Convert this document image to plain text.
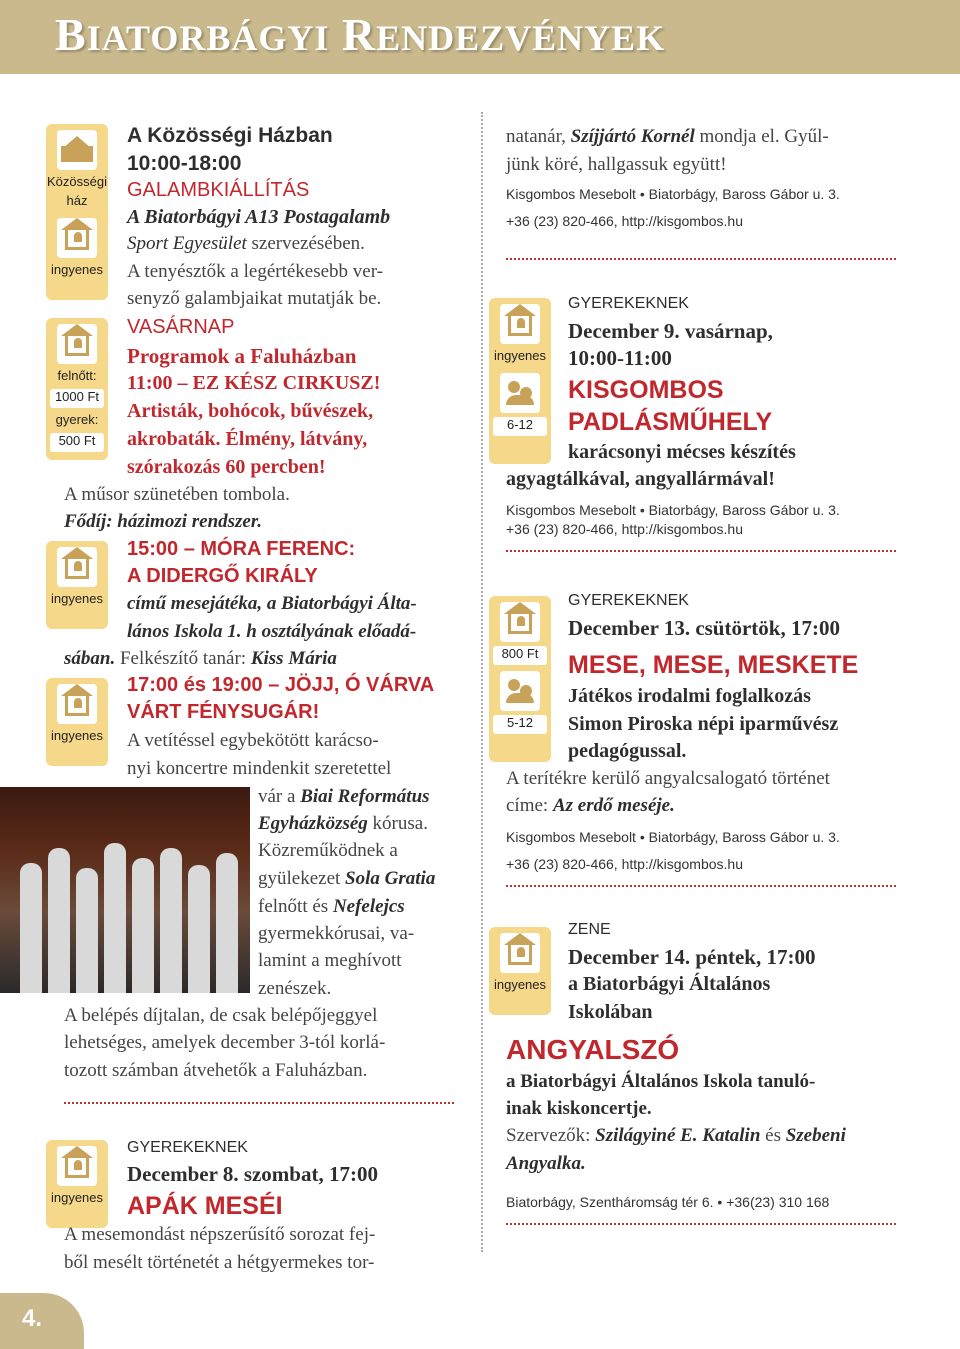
BIATORBÁGYI RENDEZVÉNYEK
Közösségi
ház
ingyenes
felnőtt:
1000 Ft
gyerek:
500 Ft
ingyenes
ingyenes
ingyenes
A Közösségi Házban
10:00-18:00
GALAMBKIÁLLÍTÁS
A Biatorbágyi A13 Postagalamb
Sport Egyesület szervezésében.
A tenyésztők a legértékesebb ver-
senyző galambjaikat mutatják be.
VASÁRNAP
Programok a Faluházban
11:00 – EZ KÉSZ CIRKUSZ!
Artisták, bohócok, bűvészek,
akrobaták. Élmény, látvány,
szórakozás 60 percben!
A műsor szünetében tombola.
Fődíj: házimozi rendszer.
15:00 – MÓRA FERENC:
A DIDERGŐ KIRÁLY
című mesejátéka, a Biatorbágyi Álta-
lános Iskola 1. h osztályának előadá-
sában. Felkészítő tanár: Kiss Mária
17:00 és 19:00 – JÖJJ, Ó VÁRVA
VÁRT FÉNYSUGÁR!
A vetítéssel egybekötött karácso-
nyi koncertre mindenkit szeretettel
vár a Biai Református
Egyházközség kórusa.
Közreműködnek a
gyülekezet Sola Gratia
felnőtt és Nefelejcs
gyermekkórusai, va-
lamint a meghívott
zenészek.
A belépés díjtalan, de csak belépőjeggyel
lehetséges, amelyek december 3-tól korlá-
tozott számban átvehetők a Faluházban.
GYEREKEKNEK
December 8. szombat, 17:00
APÁK MESÉI
A mesemondást népszerűsítő sorozat fej-
ből mesélt történetét a hétgyermekes tor-
natanár, Szíjjártó Kornél mondja el. Gyűl-
jünk köré, hallgassuk együtt!
Kisgombos Mesebolt • Biatorbágy, Baross Gábor u. 3.
+36 (23) 820-466, http://kisgombos.hu
ingyenes
6-12
GYEREKEKNEK
December 9. vasárnap,
10:00-11:00
KISGOMBOS
PADLÁSMŰHELY
karácsonyi mécses készítés
agyagtálkával, angyallármával!
Kisgombos Mesebolt • Biatorbágy, Baross Gábor u. 3.
+36 (23) 820-466, http://kisgombos.hu
800 Ft
5-12
GYEREKEKNEK
December 13. csütörtök, 17:00
MESE, MESE, MESKETE
Játékos irodalmi foglalkozás
Simon Piroska népi iparművész
pedagógussal.
A terítékre kerülő angyalcsalogató történet
címe: Az erdő meséje.
Kisgombos Mesebolt • Biatorbágy, Baross Gábor u. 3.
+36 (23) 820-466, http://kisgombos.hu
ingyenes
ZENE
December 14. péntek, 17:00
a Biatorbágyi Általános
Iskolában
ANGYALSZÓ
a Biatorbágyi Általános Iskola tanuló-
inak kiskoncertje.
Szervezők: Szilágyiné E. Katalin és Szebeni
Angyalka.
Biatorbágy, Szentháromság tér 6. • +36(23) 310 168
4.
